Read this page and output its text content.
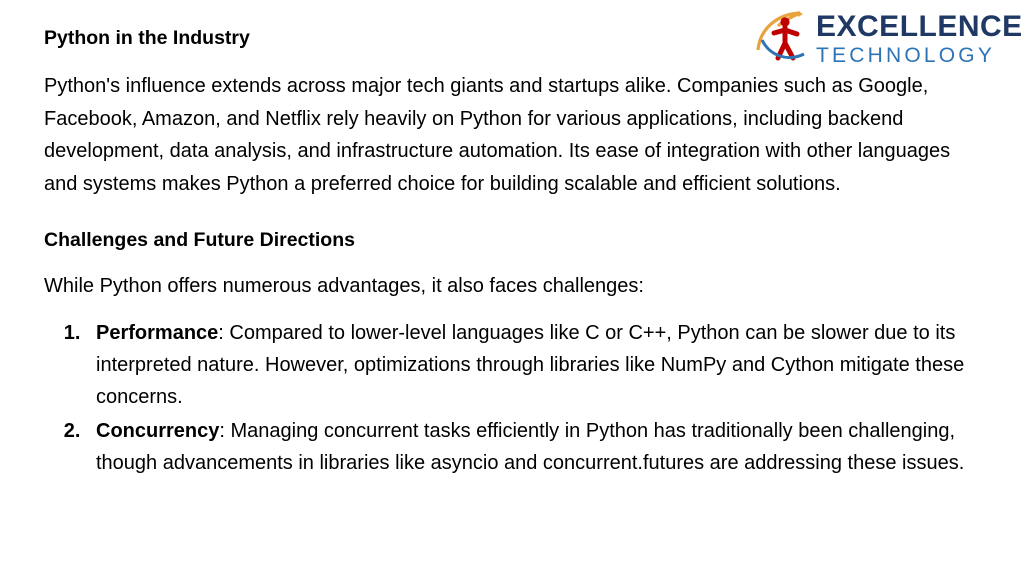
EXCELLENCE
TECHNOLOGY
Python in the Industry

Python's influence extends across major tech giants and startups alike. Companies such as Google, Facebook, Amazon, and Netflix rely heavily on Python for various applications, including backend development, data analysis, and infrastructure automation. Its ease of integration with other languages and systems makes Python a preferred choice for building scalable and efficient solutions.

Challenges and Future Directions

While Python offers numerous advantages, it also faces challenges:

1. Performance: Compared to lower-level languages like C or C++, Python can be slower due to its interpreted nature. However, optimizations through libraries like NumPy and Cython mitigate these concerns.
2. Concurrency: Managing concurrent tasks efficiently in Python has traditionally been challenging, though advancements in libraries like asyncio and concurrent.futures are addressing these issues.
